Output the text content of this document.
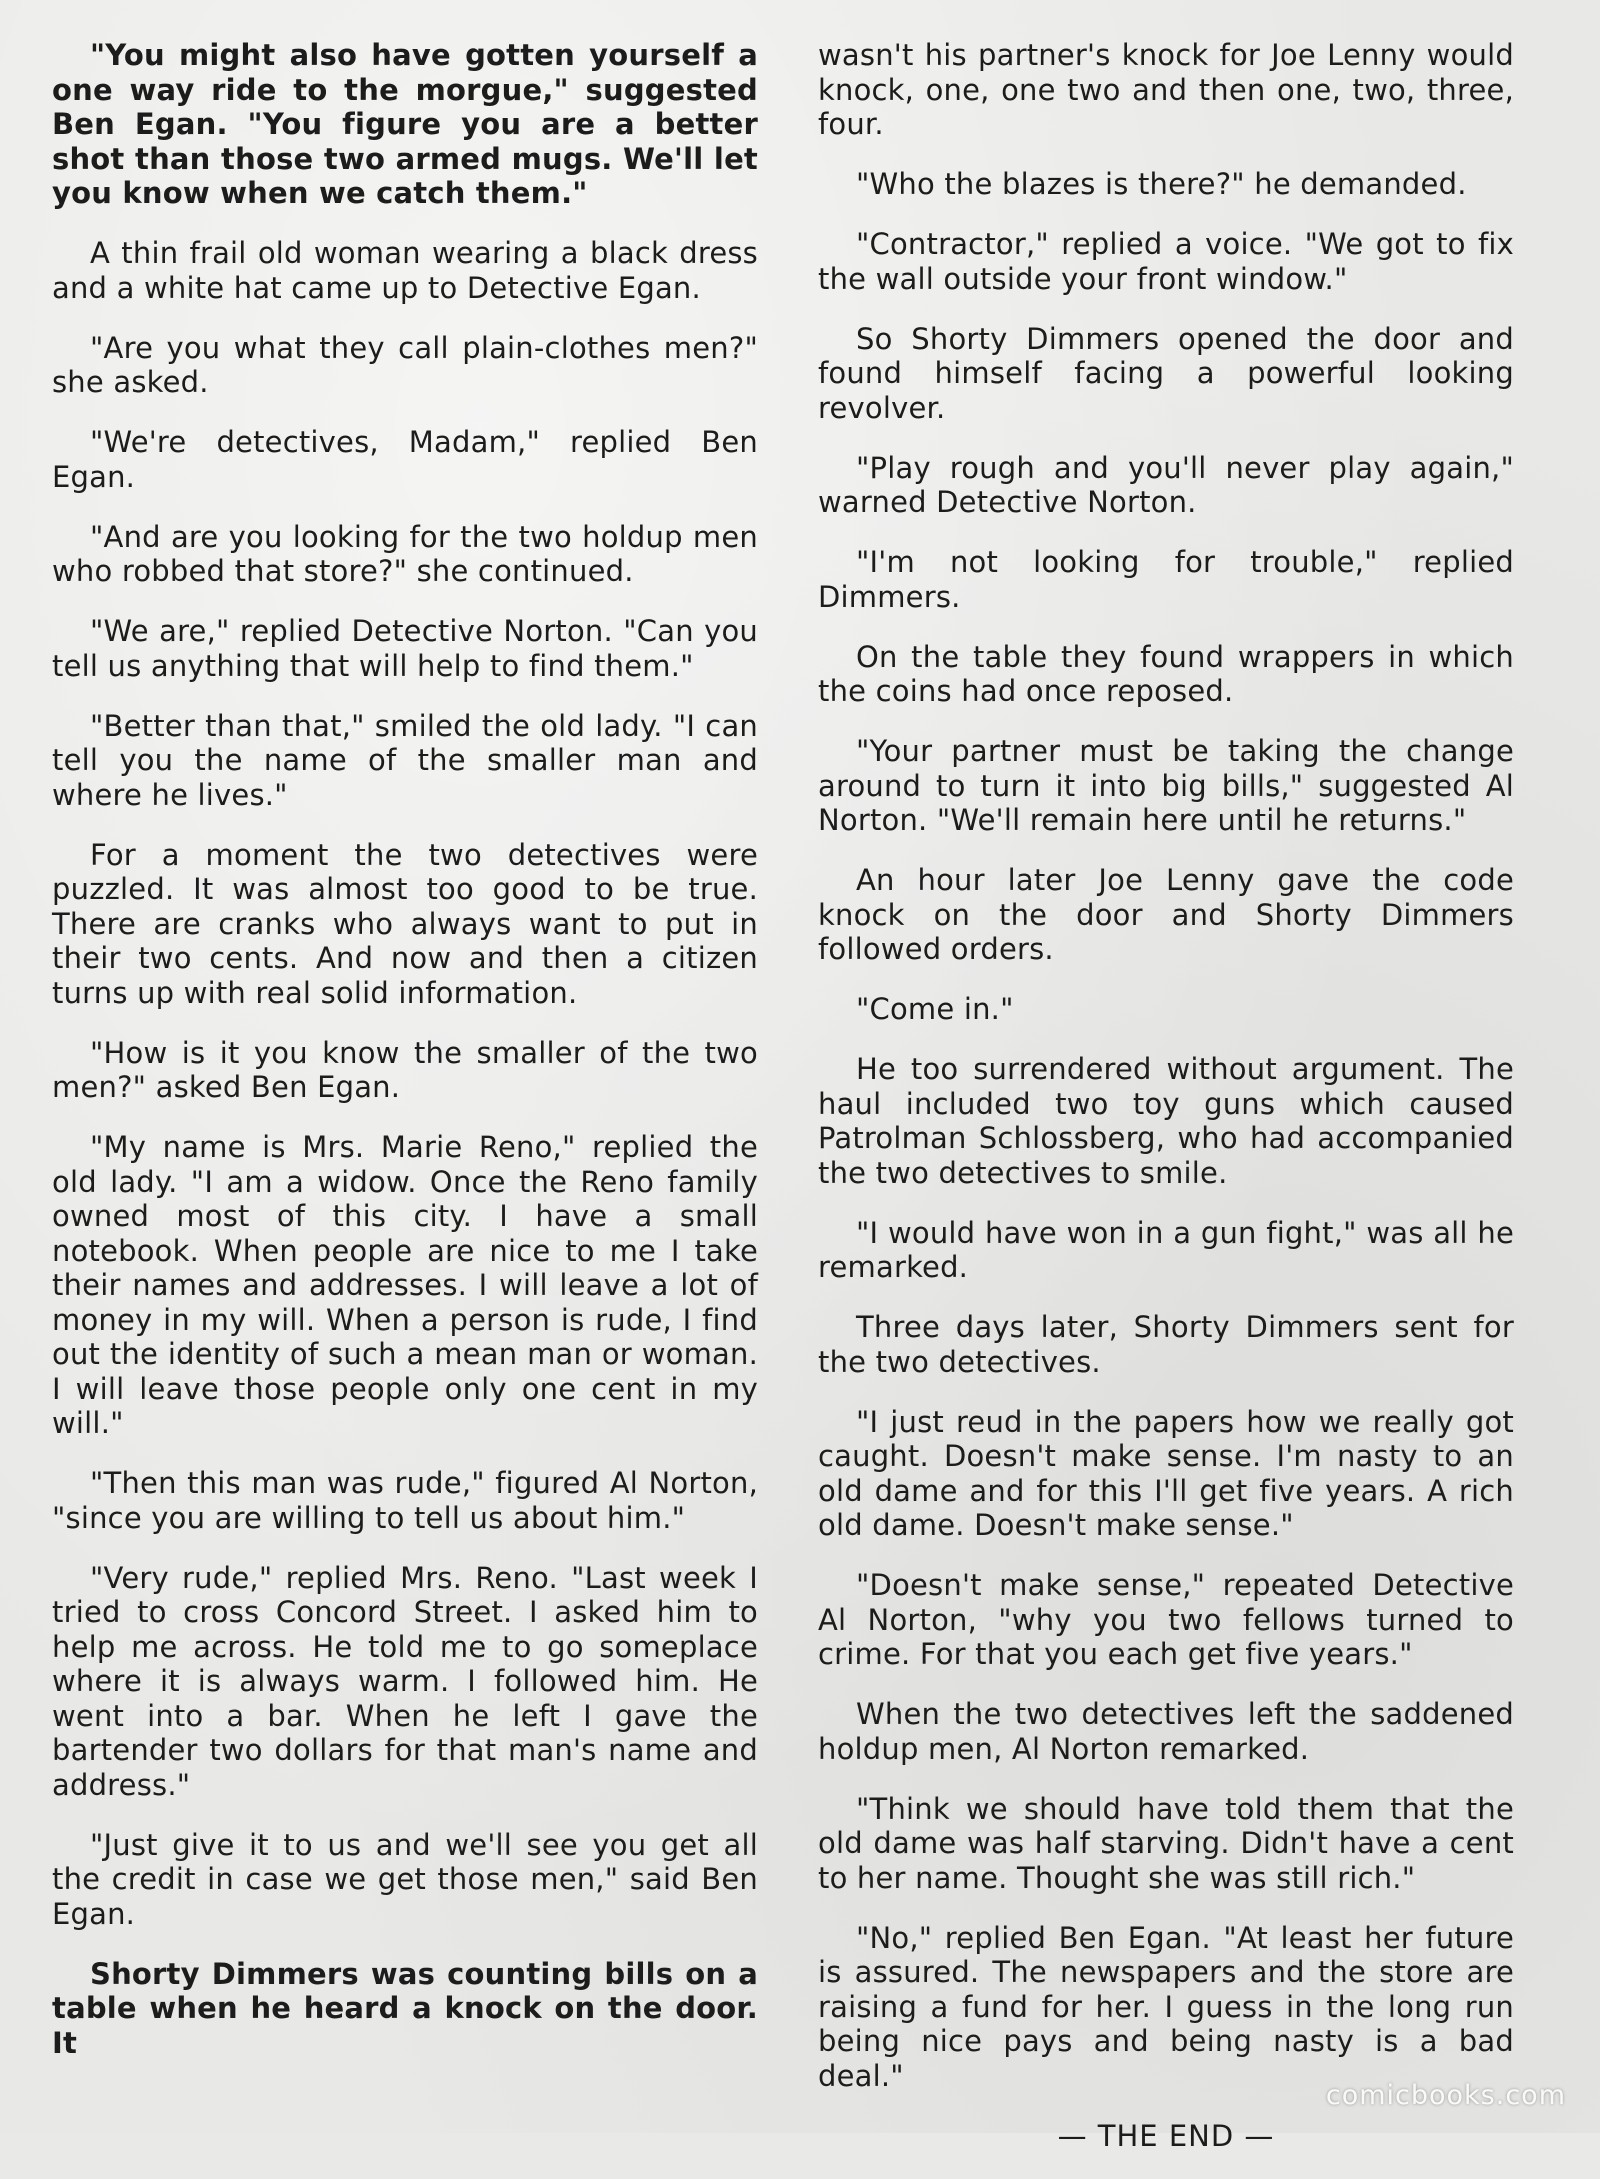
"You might also have gotten yourself a one way ride to the morgue," suggested Ben Egan. "You figure you are a better shot than those two armed mugs. We'll let you know when we catch them."

A thin frail old woman wearing a black dress and a white hat came up to Detective Egan.

"Are you what they call plain-clothes men?" she asked.

"We're detectives, Madam," replied Ben Egan.

"And are you looking for the two holdup men who robbed that store?" she continued.

"We are," replied Detective Norton. "Can you tell us anything that will help to find them."

"Better than that," smiled the old lady. "I can tell you the name of the smaller man and where he lives."

For a moment the two detectives were puzzled. It was almost too good to be true. There are cranks who always want to put in their two cents. And now and then a citizen turns up with real solid information.

"How is it you know the smaller of the two men?" asked Ben Egan.

"My name is Mrs. Marie Reno," replied the old lady. "I am a widow. Once the Reno family owned most of this city. I have a small notebook. When people are nice to me I take their names and addresses. I will leave a lot of money in my will. When a person is rude, I find out the identity of such a mean man or woman. I will leave those people only one cent in my will."

"Then this man was rude," figured Al Norton, "since you are willing to tell us about him."

"Very rude," replied Mrs. Reno. "Last week I tried to cross Concord Street. I asked him to help me across. He told me to go someplace where it is always warm. I followed him. He went into a bar. When he left I gave the bartender two dollars for that man's name and address."

"Just give it to us and we'll see you get all the credit in case we get those men," said Ben Egan.

Shorty Dimmers was counting bills on a table when he heard a knock on the door. It

wasn't his partner's knock for Joe Lenny would knock, one, one two and then one, two, three, four.

"Who the blazes is there?" he demanded.

"Contractor," replied a voice. "We got to fix the wall outside your front window."

So Shorty Dimmers opened the door and found himself facing a powerful looking revolver.

"Play rough and you'll never play again," warned Detective Norton.

"I'm not looking for trouble," replied Dimmers.

On the table they found wrappers in which the coins had once reposed.

"Your partner must be taking the change around to turn it into big bills," suggested Al Norton. "We'll remain here until he returns."

An hour later Joe Lenny gave the code knock on the door and Shorty Dimmers followed orders.

"Come in."

He too surrendered without argument. The haul included two toy guns which caused Patrolman Schlossberg, who had accompanied the two detectives to smile.

"I would have won in a gun fight," was all he remarked.

Three days later, Shorty Dimmers sent for the two detectives.

"I just reud in the papers how we really got caught. Doesn't make sense. I'm nasty to an old dame and for this I'll get five years. A rich old dame. Doesn't make sense."

"Doesn't make sense," repeated Detective Al Norton, "why you two fellows turned to crime. For that you each get five years."

When the two detectives left the saddened holdup men, Al Norton remarked.

"Think we should have told them that the old dame was half starving. Didn't have a cent to her name. Thought she was still rich."

"No," replied Ben Egan. "At least her future is assured. The newspapers and the store are raising a fund for her. I guess in the long run being nice pays and being nasty is a bad deal."

— THE END —

comicbooks.com
